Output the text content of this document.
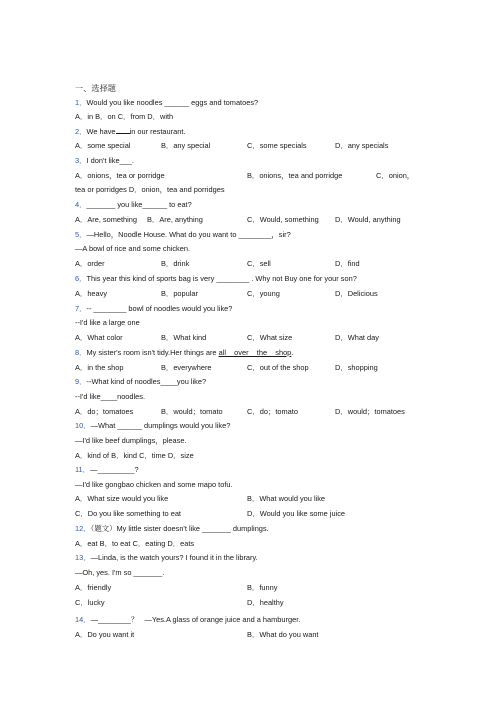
一、选择题
1．Would you like noodles ______ eggs and tomatoes?
A．in B．on C．from D．with
2．We have in our restaurant.
A．some special	B．any special	C．some specials	D．any specials
3．I don't like___.
A．onions，tea or porridge	B．onions，tea and porridge	C．onion，
tea or porridges D．onion，tea and porridges
4．_______ you like______ to eat?
A．Are, something B．Are, anything	C．Would, something D．Would, anything
5．—Hello，Noodle House. What do you want to ________，sir?
—A bowl of rice and some chicken.
A．order	B．drink	C．sell	D．find
6．This year this kind of sports bag is very ________ . Why not Buy one for your son?
A．heavy	B．popular	C．young	D．Delicious
7．-- ________ bowl of noodles would you like?
--I'd like a large one
A．What color	B．What kind	C．What size	D．What day
8．My sister's room isn't tidy.Her things are all    over    the    shop.
A．in the shop	B．everywhere	C．out of the shop	D．shopping
9．--What kind of noodles____you like?
--I'd like____noodles.
A．do；tomatoes	B．would；tomato	C．do；tomato	D．would；tomatoes
10．—What ______ dumplings would you like?
—I'd like beef dumplings，please.
A．kind of B．kind C．time D．size
11．—_________?
—I'd like gongbao chicken and some mapo tofu.
A．What size would you like	B．What would you like
C．Do you like something to eat	D．Would you like some juice
12．（题文）My little sister doesn't like _______ dumplings.
A．eat B．to eat C．eating D．eats
13．—Linda, is the watch yours? I found it in the library.
—Oh, yes. I'm so _______.
A．friendly	B．funny
C．lucky	D．healthy
14．—________？   —Yes.A glass of orange juice and a hamburger.
A．Do you want it	B．What do you want
